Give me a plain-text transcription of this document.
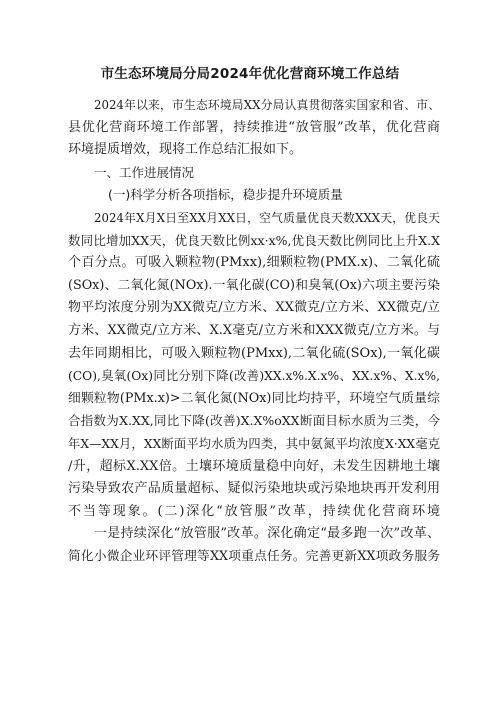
市生态环境局分局2024年优化营商环境工作总结
2024年以来，市生态环境局XX分局认真贯彻落实国家和省、市、
县优化营商环境工作部署，持续推进“放管服”改革，优化营商
环境提质增效，现将工作总结汇报如下。
一、工作进展情况
(一)科学分析各项指标，稳步提升环境质量
2024年X月X日至XX月XX日，空气质量优良天数XXX天，优良天
数同比增加XX天，优良天数比例xx·x%,优良天数比例同比上升X.X
个百分点。可吸入颗粒物(PMxx),细颗粒物(PMX.x)、二氧化硫
(SOx)、二氧化氮(NOx).一氧化碳(CO)和臭氧(Ox)六项主要污染
物平均浓度分别为XX微克/立方米、XX微克/立方米、XX微克/立
方米、XX微克/立方米、X.X毫克/立方米和XXX微克/立方米。与
去年同期相比，可吸入颗粒物(PMxx),二氧化硫(SOx),一氧化碳
(CO),臭氧(Ox)同比分别下降(改善)XX.x%.X.x%、XX.x%、X.x%,
细颗粒物(PMx.x)>二氧化氮(NOx)同比均持平，环境空气质量综
合指数为X.XX,同比下降(改善)X.X%oXX断面目标水质为三类，今
年X—XX月，XX断面平均水质为四类，其中氨氮平均浓度X·XX毫克
/升，超标X.XX倍。土壤环境质量稳中向好，未发生因耕地土壤
污染导致农产品质量超标、疑似污染地块或污染地块再开发利用
不当等现象。(二)深化“放管服”改革，持续优化营商环境
一是持续深化“放管服”改革。深化确定“最多跑一次”改革、
简化小微企业环评管理等XX项重点任务。完善更新XX项政务服务
